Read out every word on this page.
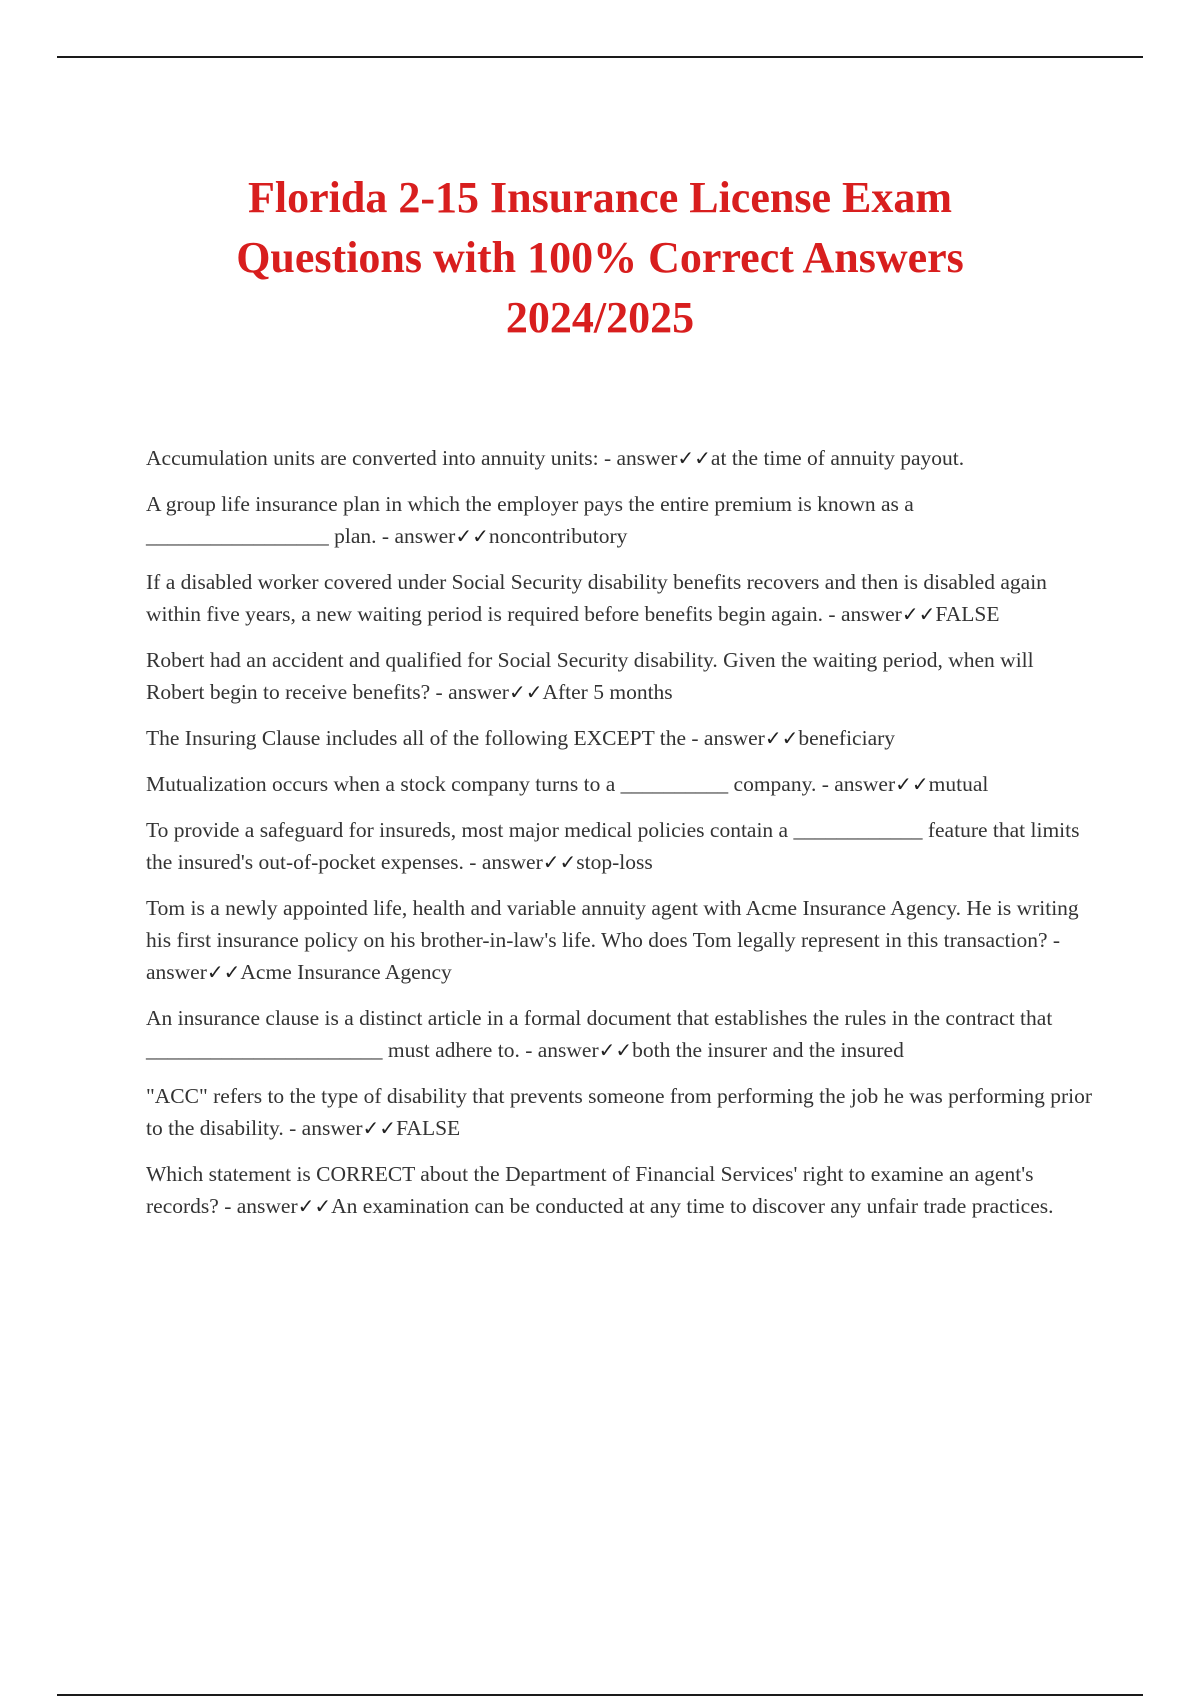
Florida 2-15 Insurance License Exam
Questions with 100% Correct Answers
2024/2025
Accumulation units are converted into annuity units: - answer✓✓at the time of annuity payout.
A group life insurance plan in which the employer pays the entire premium is known as a _________________ plan. - answer✓✓noncontributory
If a disabled worker covered under Social Security disability benefits recovers and then is disabled again within five years, a new waiting period is required before benefits begin again. - answer✓✓FALSE
Robert had an accident and qualified for Social Security disability. Given the waiting period, when will Robert begin to receive benefits? - answer✓✓After 5 months
The Insuring Clause includes all of the following EXCEPT the - answer✓✓beneficiary
Mutualization occurs when a stock company turns to a __________ company. - answer✓✓mutual
To provide a safeguard for insureds, most major medical policies contain a ____________ feature that limits the insured's out-of-pocket expenses. - answer✓✓stop-loss
Tom is a newly appointed life, health and variable annuity agent with Acme Insurance Agency. He is writing his first insurance policy on his brother-in-law's life. Who does Tom legally represent in this transaction? - answer✓✓Acme Insurance Agency
An insurance clause is a distinct article in a formal document that establishes the rules in the contract that ______________________ must adhere to. - answer✓✓both the insurer and the insured
"ACC" refers to the type of disability that prevents someone from performing the job he was performing prior to the disability. - answer✓✓FALSE
Which statement is CORRECT about the Department of Financial Services' right to examine an agent's records? - answer✓✓An examination can be conducted at any time to discover any unfair trade practices.
